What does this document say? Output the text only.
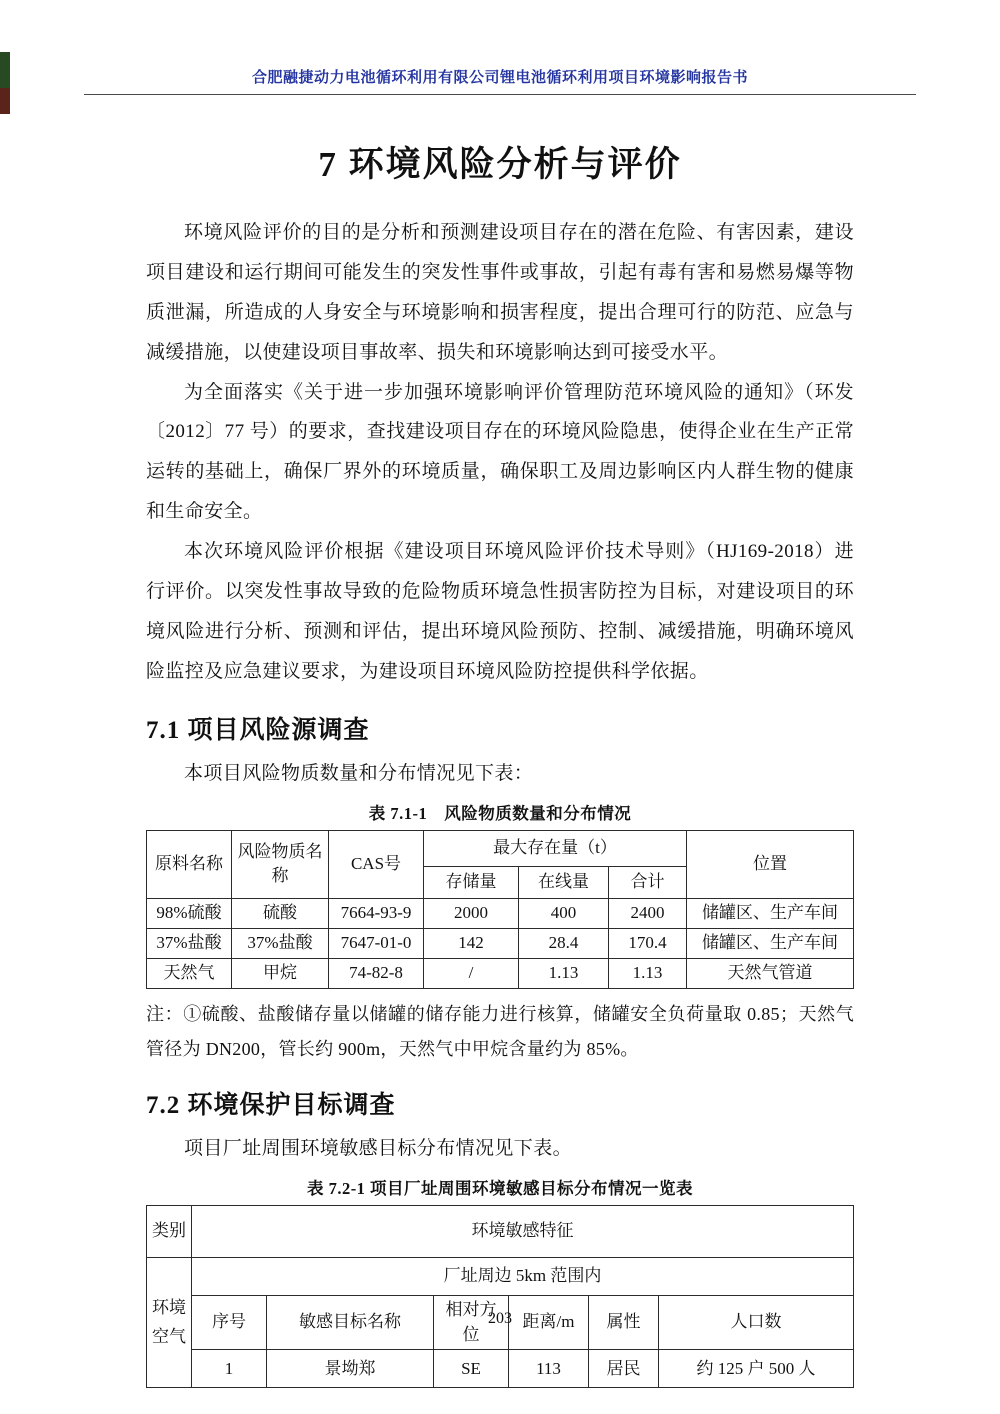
合肥融捷动力电池循环利用有限公司锂电池循环利用项目环境影响报告书
7 环境风险分析与评价

环境风险评价的目的是分析和预测建设项目存在的潜在危险、有害因素，建设项目建设和运行期间可能发生的突发性事件或事故，引起有毒有害和易燃易爆等物质泄漏，所造成的人身安全与环境影响和损害程度，提出合理可行的防范、应急与减缓措施，以使建设项目事故率、损失和环境影响达到可接受水平。

为全面落实《关于进一步加强环境影响评价管理防范环境风险的通知》（环发〔2012〕77 号）的要求，查找建设项目存在的环境风险隐患，使得企业在生产正常运转的基础上，确保厂界外的环境质量，确保职工及周边影响区内人群生物的健康和生命安全。

本次环境风险评价根据《建设项目环境风险评价技术导则》（HJ169-2018）进行评价。以突发性事故导致的危险物质环境急性损害防控为目标，对建设项目的环境风险进行分析、预测和评估，提出环境风险预防、控制、减缓措施，明确环境风险监控及应急建议要求，为建设项目环境风险防控提供科学依据。

7.1 项目风险源调查

本项目风险物质数量和分布情况见下表：

表 7.1-1　风险物质数量和分布情况
原料名称	风险物质名称	CAS号	最大存在量（t）			位置
			存储量	在线量	合计	
98%硫酸	硫酸	7664-93-9	2000	400	2400	储罐区、生产车间
37%盐酸	37%盐酸	7647-01-0	142	28.4	170.4	储罐区、生产车间
天然气	甲烷	74-82-8	/	1.13	1.13	天然气管道

注：①硫酸、盐酸储存量以储罐的储存能力进行核算，储罐安全负荷量取 0.85；天然气管径为 DN200，管长约 900m，天然气中甲烷含量约为 85%。

7.2 环境保护目标调查

项目厂址周围环境敏感目标分布情况见下表。

表 7.2-1 项目厂址周围环境敏感目标分布情况一览表
类别	环境敏感特征					
环境空气	厂址周边 5km 范围内					
	序号	敏感目标名称	相对方位	距离/m	属性	人口数
	1	景坳郑	SE	113	居民	约 125 户 500 人
203
